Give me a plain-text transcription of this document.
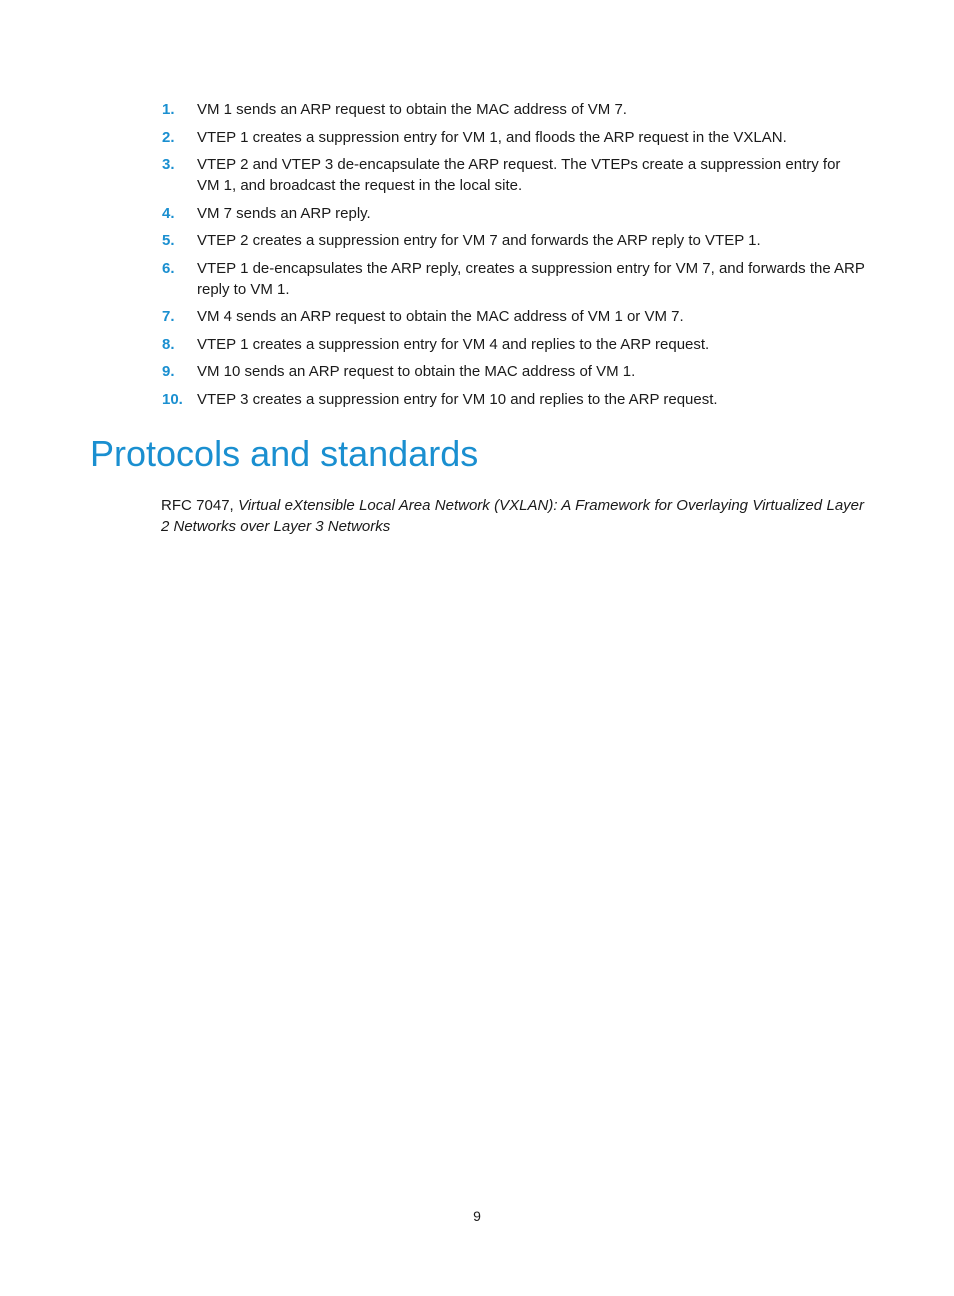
1. VM 1 sends an ARP request to obtain the MAC address of VM 7.
2. VTEP 1 creates a suppression entry for VM 1, and floods the ARP request in the VXLAN.
3. VTEP 2 and VTEP 3 de-encapsulate the ARP request. The VTEPs create a suppression entry for VM 1, and broadcast the request in the local site.
4. VM 7 sends an ARP reply.
5. VTEP 2 creates a suppression entry for VM 7 and forwards the ARP reply to VTEP 1.
6. VTEP 1 de-encapsulates the ARP reply, creates a suppression entry for VM 7, and forwards the ARP reply to VM 1.
7. VM 4 sends an ARP request to obtain the MAC address of VM 1 or VM 7.
8. VTEP 1 creates a suppression entry for VM 4 and replies to the ARP request.
9. VM 10 sends an ARP request to obtain the MAC address of VM 1.
10. VTEP 3 creates a suppression entry for VM 10 and replies to the ARP request.
Protocols and standards

RFC 7047, Virtual eXtensible Local Area Network (VXLAN): A Framework for Overlaying Virtualized Layer 2 Networks over Layer 3 Networks

9
